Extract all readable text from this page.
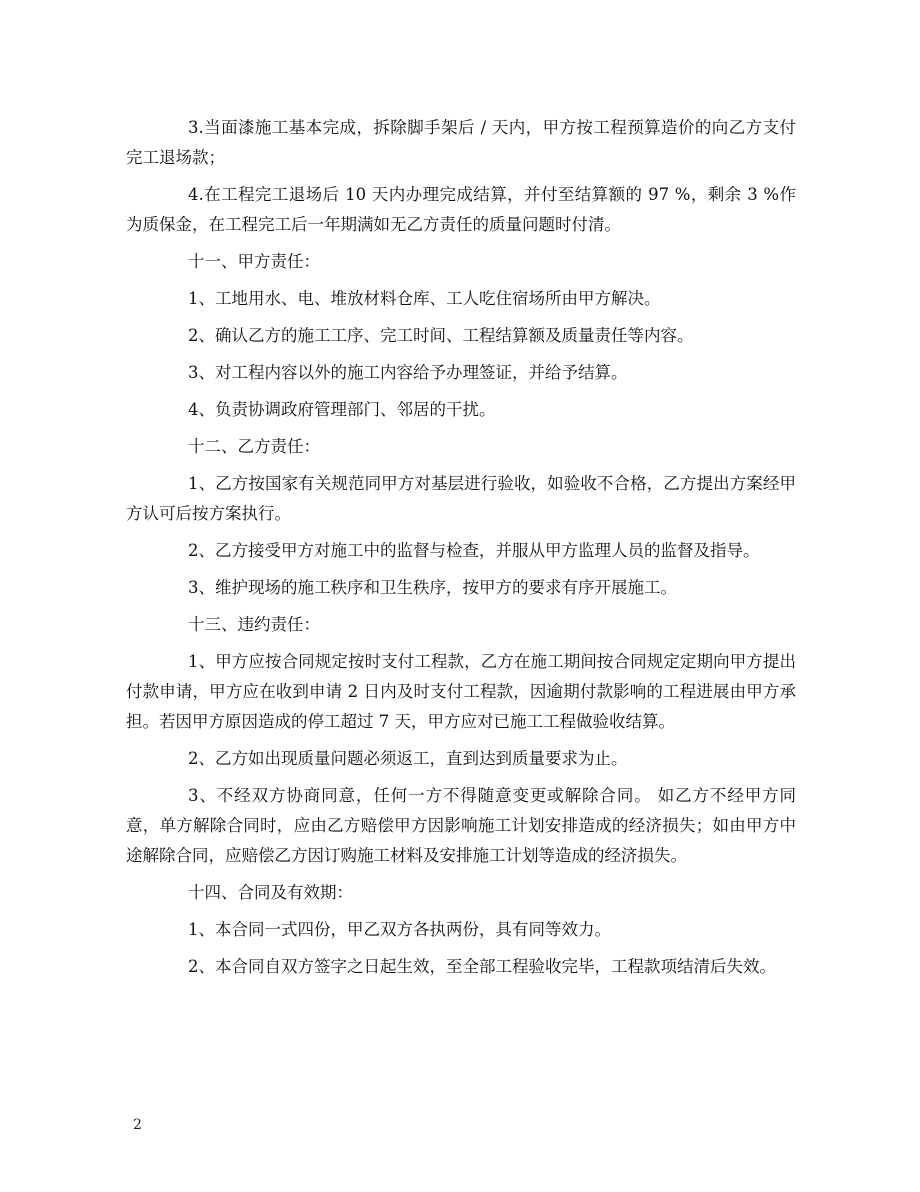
3.当面漆施工基本完成，拆除脚手架后 / 天内，甲方按工程预算造价的向乙方支付完工退场款；

4.在工程完工退场后 10 天内办理完成结算，并付至结算额的 97 %，剩余 3 %作为质保金，在工程完工后一年期满如无乙方责任的质量问题时付清。

十一、甲方责任：

1、工地用水、电、堆放材料仓库、工人吃住宿场所由甲方解决。

2、确认乙方的施工工序、完工时间、工程结算额及质量责任等内容。

3、对工程内容以外的施工内容给予办理签证，并给予结算。

4、负责协调政府管理部门、邻居的干扰。

十二、乙方责任：

1、乙方按国家有关规范同甲方对基层进行验收，如验收不合格，乙方提出方案经甲方认可后按方案执行。

2、乙方接受甲方对施工中的监督与检查，并服从甲方监理人员的监督及指导。

3、维护现场的施工秩序和卫生秩序，按甲方的要求有序开展施工。

十三、违约责任：

1、甲方应按合同规定按时支付工程款，乙方在施工期间按合同规定定期向甲方提出付款申请，甲方应在收到申请 2 日内及时支付工程款，因逾期付款影响的工程进展由甲方承担。若因甲方原因造成的停工超过 7 天，甲方应对已施工工程做验收结算。

2、乙方如出现质量问题必须返工，直到达到质量要求为止。

3、不经双方协商同意，任何一方不得随意变更或解除合同。 如乙方不经甲方同意，单方解除合同时，应由乙方赔偿甲方因影响施工计划安排造成的经济损失；如由甲方中途解除合同，应赔偿乙方因订购施工材料及安排施工计划等造成的经济损失。

十四、合同及有效期：

1、本合同一式四份，甲乙双方各执两份，具有同等效力。

2、本合同自双方签字之日起生效，至全部工程验收完毕，工程款项结清后失效。

2
